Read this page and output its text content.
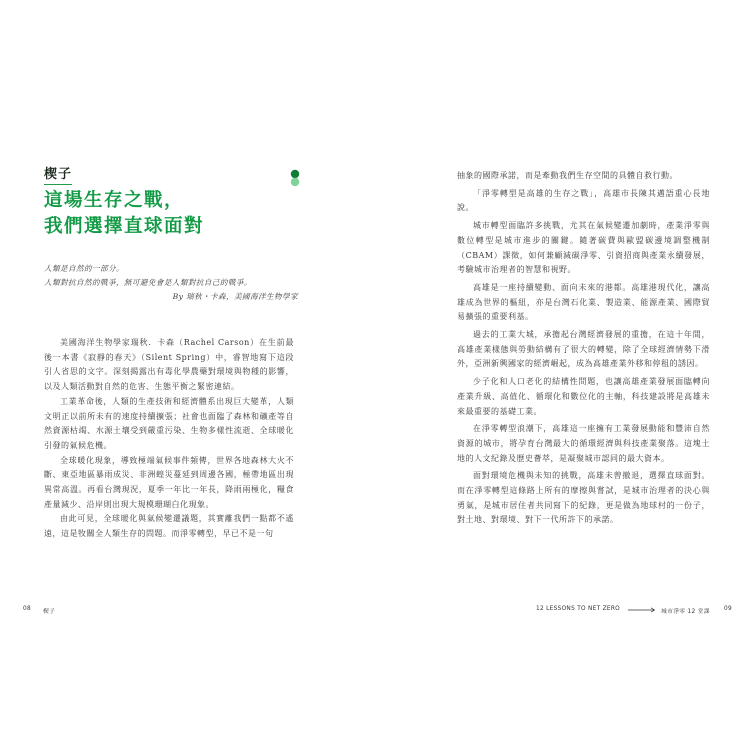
楔子
這場生存之戰，
我們選擇直球面對

人類是自然的一部分。

人類對抗自然的戰爭，無可避免會是人類對抗自己的戰爭。

By 瑞秋・卡森，美國海洋生物學家

美國海洋生物學家瑞秋．卡森（Rachel Carson）在生前最後一本書《寂靜的春天》（Silent Spring）中，睿智地寫下這段引人省思的文字。深刻揭露出有毒化學農藥對環境與物種的影響，以及人類活動對自然的危害、生態平衡之緊密連結。

工業革命後，人類的生產技術和經濟體系出現巨大變革，人類文明正以前所未有的速度持續擴張；社會也面臨了森林和礦產等自然資源枯竭、水源土壤受到嚴重污染、生物多樣性流逝、全球暖化引發的氣候危機。

全球暖化現象，導致極端氣候事件頻傳，世界各地森林大火不斷、東亞地區暴雨成災、非洲蝗災蔓延到周邊各國，極帶地區出現異常高溫。再看台灣現況，夏季一年比一年長，降雨兩極化，糧食產量減少、沿岸則出現大規模珊瑚白化現象。

由此可見，全球暖化與氣候變遷議題，其實離我們一點都不遙遠，這是牧關全人類生存的問題。而淨零轉型，早已不是一句

08 楔子

抽象的國際承諾，而是牽動我們生存空間的具體自救行動。

「淨零轉型是高雄的生存之戰」，高雄市長陳其邁語重心長地說。

城市轉型面臨許多挑戰，尤其在氣候變遷加劇時，產業淨零與數位轉型是城市進步的關鍵。隨著碳費與歐盟碳邊境調整機制（CBAM）課徵，如何兼顧減碳淨零、引資招商與產業永續發展，考驗城市治理者的智慧和視野。

高雄是一座持續變動、面向未來的港都。高雄港現代化，讓高雄成為世界的樞紐，亦是台灣石化業、製造業、能源產業、國際貿易擴張的重要利基。

過去的工業大城，承擔起台灣經濟發展的重擔，在這十年間，高雄產業樣態與勞動結構有了很大的轉變，除了全球經濟情勢下滑外，亞洲新興國家的經濟崛起，成為高雄產業外移和停租的誘因。

少子化和人口老化的結構性問題，也讓高雄產業發展面臨轉向產業升級、高值化、循環化和數位化的主軸，科技建設將是高雄未來最重要的基礎工業。

在淨零轉型浪潮下，高雄這一座擁有工業發展動能和豐沛自然資源的城市，將孕育台灣最大的循環經濟與科技產業聚落。這塊土地的人文紀錄及歷史薈萃，是凝聚城市認同的最大資本。

面對環境危機與未知的挑戰，高雄未曾撤退，選擇直球面對。而在淨零轉型這條路上所有的摩擦與嘗試，是城市治理者的決心與勇氣，是城市居住者共同寫下的紀錄，更是做為地球村的一份子，對土地、對環境、對下一代所許下的承諾。

12 LESSONS TO NET ZERO	城市淨零 12 堂課 09
